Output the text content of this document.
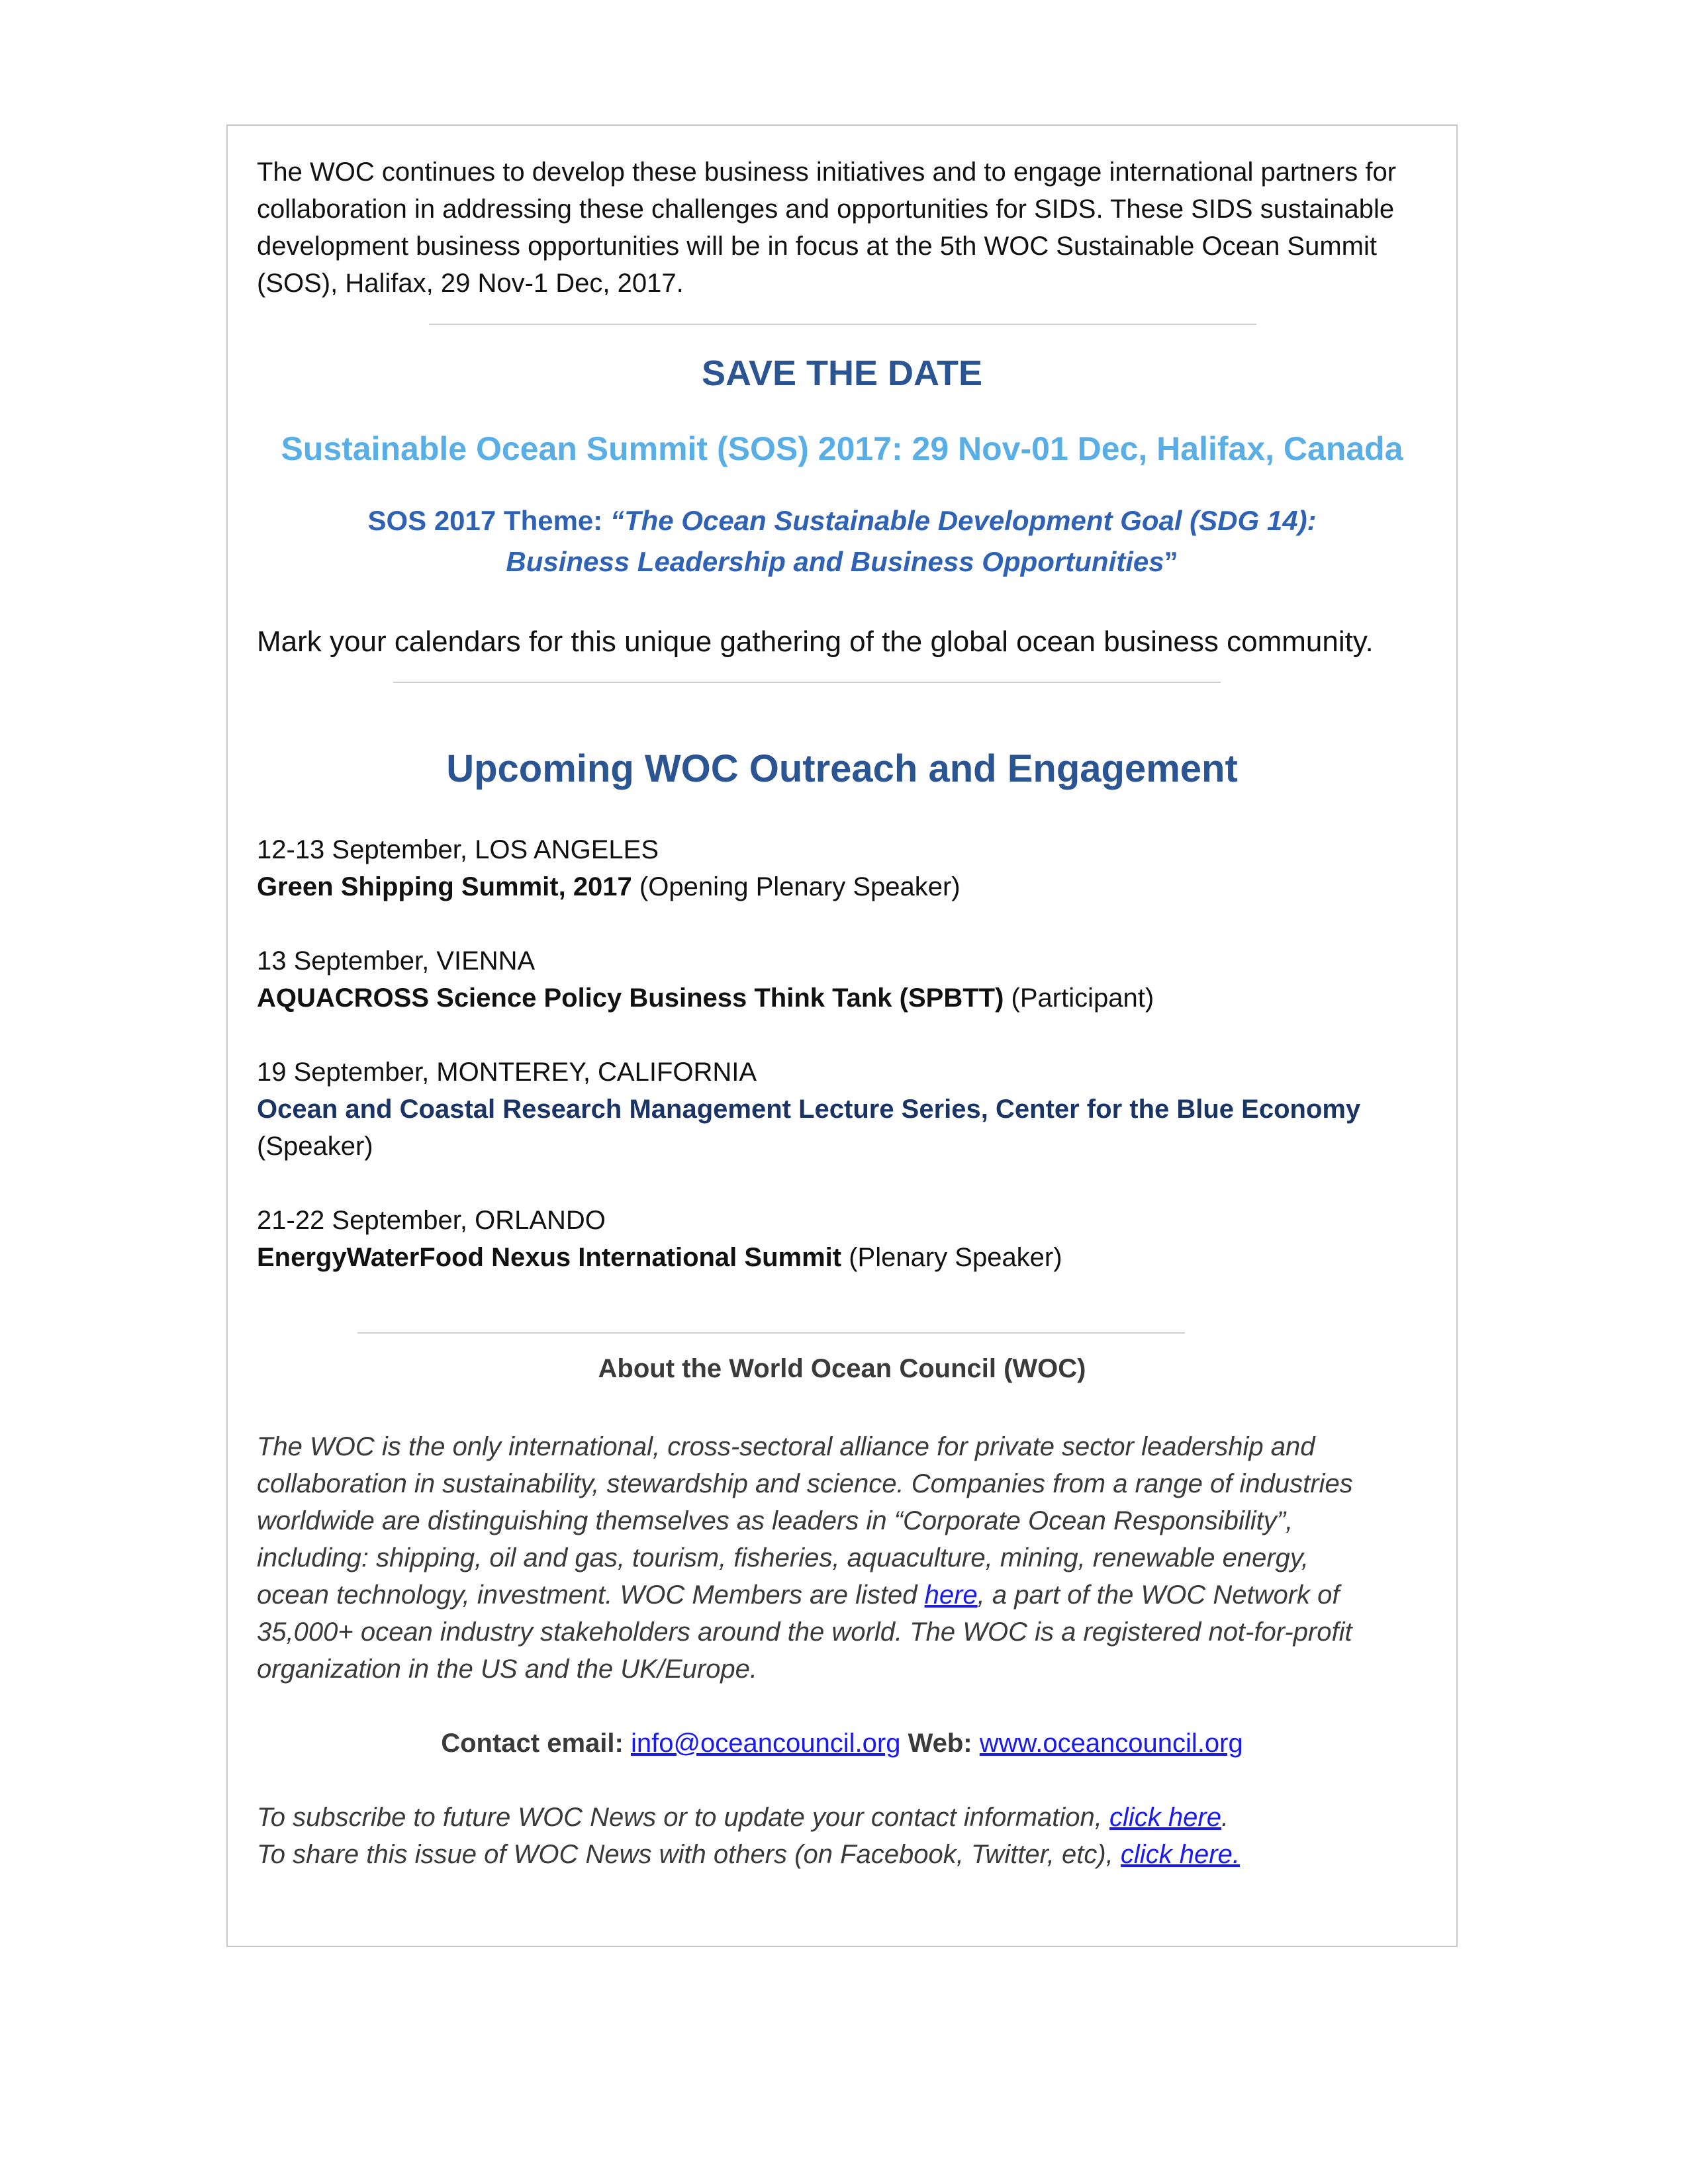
The WOC continues to develop these business initiatives and to engage international partners for collaboration in addressing these challenges and opportunities for SIDS. These SIDS sustainable development business opportunities will be in focus at the 5th WOC Sustainable Ocean Summit (SOS), Halifax, 29 Nov-1 Dec, 2017.

SAVE THE DATE
Sustainable Ocean Summit (SOS) 2017: 29 Nov-01 Dec, Halifax, Canada
SOS 2017 Theme: “The Ocean Sustainable Development Goal (SDG 14):
Business Leadership and Business Opportunities”

Mark your calendars for this unique gathering of the global ocean business community.

Upcoming WOC Outreach and Engagement
12-13 September, LOS ANGELES
Green Shipping Summit, 2017 (Opening Plenary Speaker)
13 September, VIENNA
AQUACROSS Science Policy Business Think Tank (SPBTT) (Participant)
19 September, MONTEREY, CALIFORNIA
Ocean and Coastal Research Management Lecture Series, Center for the Blue Economy
(Speaker)
21-22 September, ORLANDO
EnergyWaterFood Nexus International Summit (Plenary Speaker)
About the World Ocean Council (WOC)

The WOC is the only international, cross-sectoral alliance for private sector leadership and collaboration in sustainability, stewardship and science. Companies from a range of industries worldwide are distinguishing themselves as leaders in “Corporate Ocean Responsibility”, including: shipping, oil and gas, tourism, fisheries, aquaculture, mining, renewable energy, ocean technology, investment. WOC Members are listed here, a part of the WOC Network of 35,000+ ocean industry stakeholders around the world. The WOC is a registered not-for-profit organization in the US and the UK/Europe.

Contact email: info@oceancouncil.org Web: www.oceancouncil.org

To subscribe to future WOC News or to update your contact information, click here.
To share this issue of WOC News with others (on Facebook, Twitter, etc), click here.
